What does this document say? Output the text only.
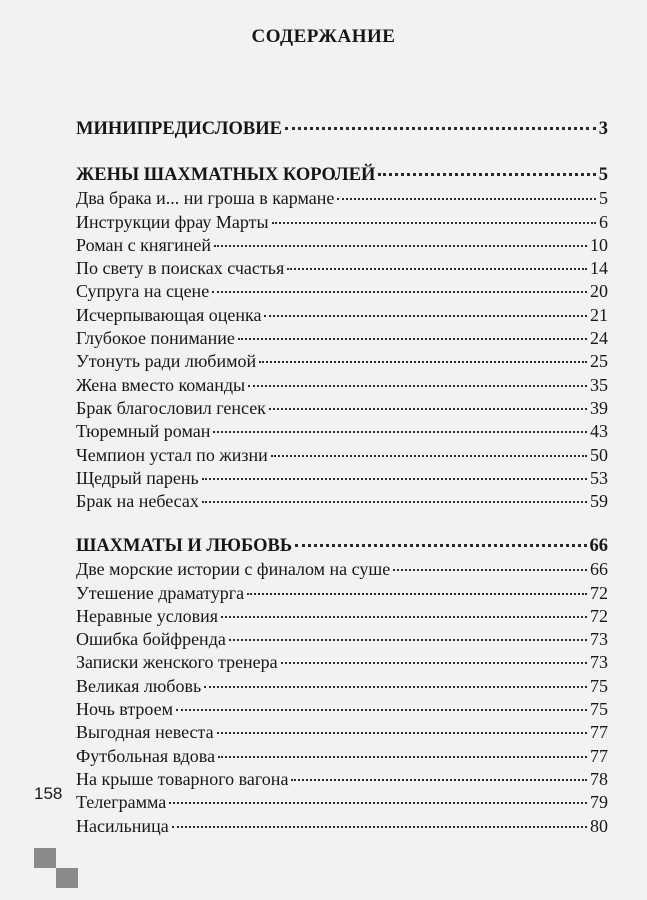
СОДЕРЖАНИЕ
МИНИПРЕДИСЛОВИЕ	3
ЖЕНЫ ШАХМАТНЫХ КОРОЛЕЙ	5
Два брака и... ни гроша в кармане	5
Инструкции фрау Марты	6
Роман с княгиней	10
По свету в поисках счастья	14
Супруга на сцене	20
Исчерпывающая оценка	21
Глубокое понимание	24
Утонуть ради любимой	25
Жена вместо команды	35
Брак благословил генсек	39
Тюремный роман	43
Чемпион устал по жизни	50
Щедрый парень	53
Брак на небесах	59
ШАХМАТЫ И ЛЮБОВЬ	66
Две морские истории с финалом на суше	66
Утешение драматурга	72
Неравные условия	72
Ошибка бойфренда	73
Записки женского тренера	73
Великая любовь	75
Ночь втроем	75
Выгодная невеста	77
Футбольная вдова	77
На крыше товарного вагона	78
Телеграмма	79
Насильница	80
158
